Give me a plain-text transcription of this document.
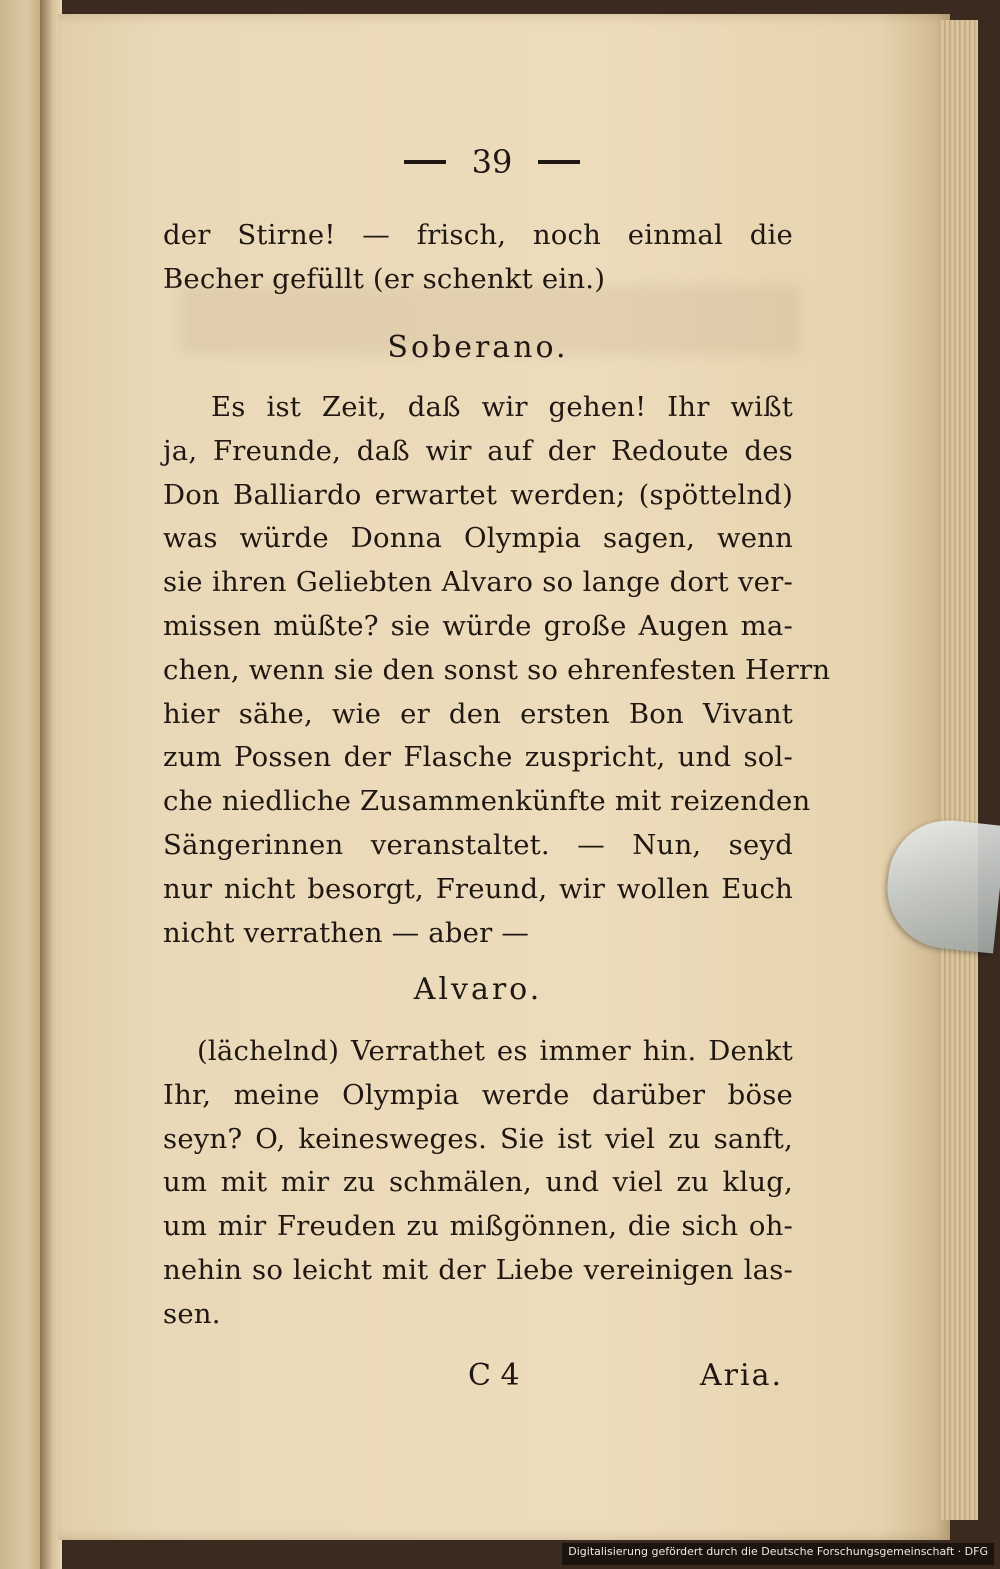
39
der Stirne! — frisch, noch einmal die
Becher gefüllt (er schenkt ein.)
Soberano.
Es ist Zeit, daß wir gehen! Ihr wißt
ja, Freunde, daß wir auf der Redoute des
Don Balliardo erwartet werden; (spöttelnd)
was würde Donna Olympia sagen, wenn
sie ihren Geliebten Alvaro so lange dort ver-
missen müßte? sie würde große Augen ma-
chen, wenn sie den sonst so ehrenfesten Herrn
hier sähe, wie er den ersten Bon Vivant
zum Possen der Flasche zuspricht, und sol-
che niedliche Zusammenkünfte mit reizenden
Sängerinnen veranstaltet. — Nun, seyd
nur nicht besorgt, Freund, wir wollen Euch
nicht verrathen — aber —
Alvaro.
(lächelnd) Verrathet es immer hin. Denkt
Ihr, meine Olympia werde darüber böse
seyn? O, keinesweges. Sie ist viel zu sanft,
um mit mir zu schmälen, und viel zu klug,
um mir Freuden zu mißgönnen, die sich oh-
nehin so leicht mit der Liebe vereinigen las-
sen.
C 4	Aria.
Digitalisierung gefördert durch die Deutsche Forschungsgemeinschaft · DFG
